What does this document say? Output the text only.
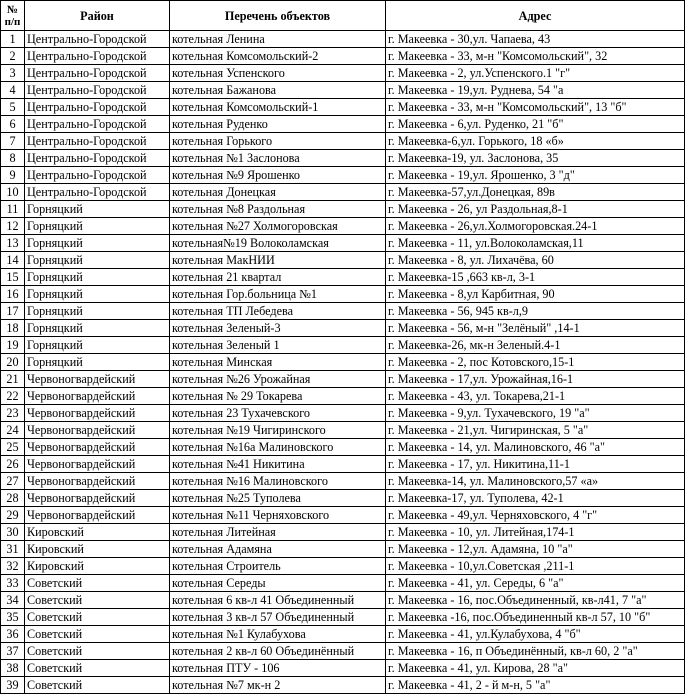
№
п/п	Район	Перечень объектов	Адрес
1	Центрально-Городской	котельная Ленина	г. Макеевка - 30,ул. Чапаева, 43
2	Центрально-Городской	котельная Комсомольский-2	г. Макеевка - 33, м-н "Комсомольский", 32
3	Центрально-Городской	котельная Успенского	г. Макеевка - 2, ул.Успенского.1 "г"
4	Центрально-Городской	котельная Бажанова	г. Макеевка - 19,ул. Руднева, 54 "а
5	Центрально-Городской	котельная Комсомольский-1	г. Макеевка - 33, м-н "Комсомольский", 13 "б"
6	Центрально-Городской	котельная Руденко	г. Макеевка - 6,ул. Руденко, 21 "б"
7	Центрально-Городской	котельная Горького	г. Макеевка-6,ул. Горького, 18 «б»
8	Центрально-Городской	котельная №1 Заслонова	г. Макеевка-19, ул. Заслонова, 35
9	Центрально-Городской	котельная №9 Ярошенко	г. Макеевка - 19,ул. Ярошенко, 3 "д"
10	Центрально-Городской	котельная Донецкая	г. Макеевка-57,ул.Донецкая, 89в
11	Горняцкий	котельная №8 Раздольная	г. Макеевка - 26, ул Раздольная,8-1
12	Горняцкий	котельная №27 Холмогоровская	г. Макеевка - 26,ул.Холмогоровская.24-1
13	Горняцкий	котельная№19 Волоколамская	г. Макеевка - 11, ул.Волоколамская,11
14	Горняцкий	котельная МакНИИ	г. Макеевка - 8, ул. Лихачёва, 60
15	Горняцкий	котельная 21 квартал	г. Макеевка-15 ,663 кв-л, 3-1
16	Горняцкий	котельная Гор.больница №1	г. Макеевка - 8,ул Карбитная, 90
17	Горняцкий	котельная ТП Лебедева	г. Макеевка - 56, 945 кв-л,9
18	Горняцкий	котельная Зеленый-3	г. Макеевка - 56, м-н "Зелёный" ,14-1
19	Горняцкий	котельная Зеленый 1	г. Макеевка-26, мк-н Зеленый.4-1
20	Горняцкий	котельная Минская	г. Макеевка - 2, пос Котовского,15-1
21	Червоногвардейский	котельная №26 Урожайная	г. Макеевка - 17,ул. Урожайная,16-1
22	Червоногвардейский	котельная № 29 Токарева	г. Макеевка - 43, ул. Токарева,21-1
23	Червоногвардейский	котельная 23 Тухачевского	г. Макеевка - 9,ул. Тухачевского, 19 "а"
24	Червоногвардейский	котельная №19 Чигиринского	г. Макеевка - 21,ул. Чигиринская, 5 "а"
25	Червоногвардейский	котельная №16а Малиновского	г. Макеевка - 14, ул. Малиновского, 46 "а"
26	Червоногвардейский	котельная №41 Никитина	г. Макеевка - 17, ул. Никитина,11-1
27	Червоногвардейский	котельная №16 Малиновского	г. Макеевка-14, ул. Малиновского,57 «а»
28	Червоногвардейский	котельная №25 Туполева	г. Макеевка-17, ул. Туполева, 42-1
29	Червоногвардейский	котельная №11 Черняховского	г. Макеевка - 49,ул. Черняховского, 4 "г"
30	Кировский	котельная Литейная	г. Макеевка - 10, ул. Литейная,174-1
31	Кировский	котельная Адамяна	г. Макеевка - 12,ул. Адамяна, 10 "а"
32	Кировский	котельная Строитель	г. Макеевка - 10,ул.Советская ,211-1
33	Советский	котельная Середы	г. Макеевка - 41, ул. Середы, 6 "а"
34	Советский	котельная 6 кв-л 41 Объединенный	г. Макеевка - 16, пос.Объединенный, кв-л41, 7 "а"
35	Советский	котельная 3 кв-л 57 Объединенный	г. Макеевка -16, пос.Объединенный кв-л 57, 10 "б"
36	Советский	котельная №1 Кулабухова	г. Макеевка - 41, ул.Кулабухова, 4 "б"
37	Советский	котельная 2 кв-л 60 Объединённый	г. Макеевка - 16, п Объединённый, кв-л 60, 2 "а"
38	Советский	котельная ПТУ - 106	г. Макеевка - 41, ул. Кирова, 28 "а"
39	Советский	котельная №7 мк-н 2	г. Макеевка - 41, 2 - й м-н, 5 "а"
